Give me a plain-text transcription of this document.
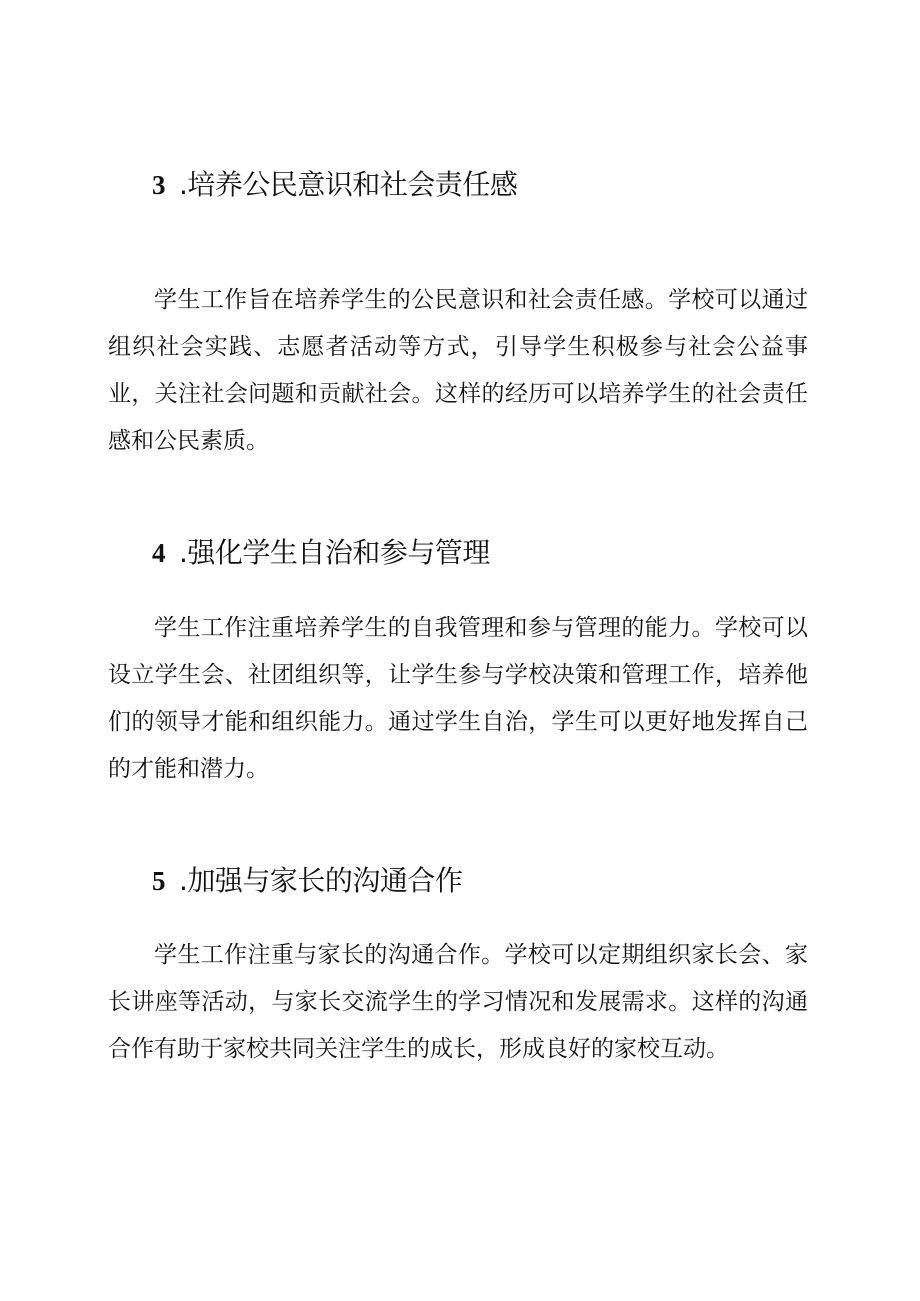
3 .培养公民意识和社会责任感

学生工作旨在培养学生的公民意识和社会责任感。学校可以通过组织社会实践、志愿者活动等方式，引导学生积极参与社会公益事业，关注社会问题和贡献社会。这样的经历可以培养学生的社会责任感和公民素质。

4 .强化学生自治和参与管理

学生工作注重培养学生的自我管理和参与管理的能力。学校可以设立学生会、社团组织等，让学生参与学校决策和管理工作，培养他们的领导才能和组织能力。通过学生自治，学生可以更好地发挥自己的才能和潜力。

5 .加强与家长的沟通合作

学生工作注重与家长的沟通合作。学校可以定期组织家长会、家长讲座等活动，与家长交流学生的学习情况和发展需求。这样的沟通合作有助于家校共同关注学生的成长，形成良好的家校互动。
